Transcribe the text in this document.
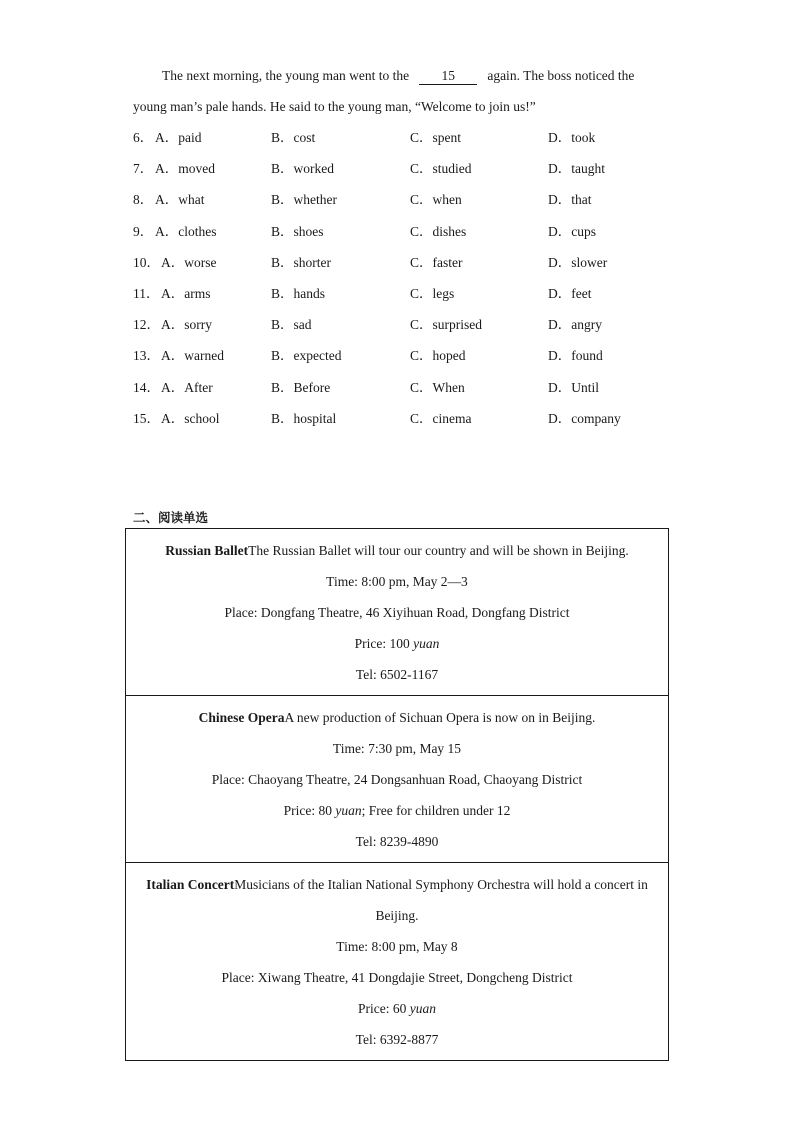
The next morning, the young man went to the 15 again. The boss noticed the
young man’s pale hands. He said to the young man, “Welcome to join us!”
6． A．paid	B．cost	C．spent	D．took
7． A．moved	B．worked	C．studied	D．taught
8． A．what	B．whether	C．when	D．that
9． A．clothes	B．shoes	C．dishes	D．cups
10． A．worse	B．shorter	C．faster	D．slower
11． A．arms	B．hands	C．legs	D．feet
12． A．sorry	B．sad	C．surprised	D．angry
13． A．warned	B．expected	C．hoped	D．found
14． A．After	B．Before	C．When	D．Until
15． A．school	B．hospital	C．cinema	D．company
二、阅读单选
Russian BalletThe Russian Ballet will tour our country and will be shown in Beijing.
Time: 8:00 pm, May 2—3
Place: Dongfang Theatre, 46 Xiyihuan Road, Dongfang District
Price: 100 yuan
Tel: 6502-1167
Chinese OperaA new production of Sichuan Opera is now on in Beijing.
Time: 7:30 pm, May 15
Place: Chaoyang Theatre, 24 Dongsanhuan Road, Chaoyang District
Price: 80 yuan; Free for children under 12
Tel: 8239-4890
Italian ConcertMusicians of the Italian National Symphony Orchestra will hold a concert in Beijing.
Time: 8:00 pm, May 8
Place: Xiwang Theatre, 41 Dongdajie Street, Dongcheng District
Price: 60 yuan
Tel: 6392-8877
